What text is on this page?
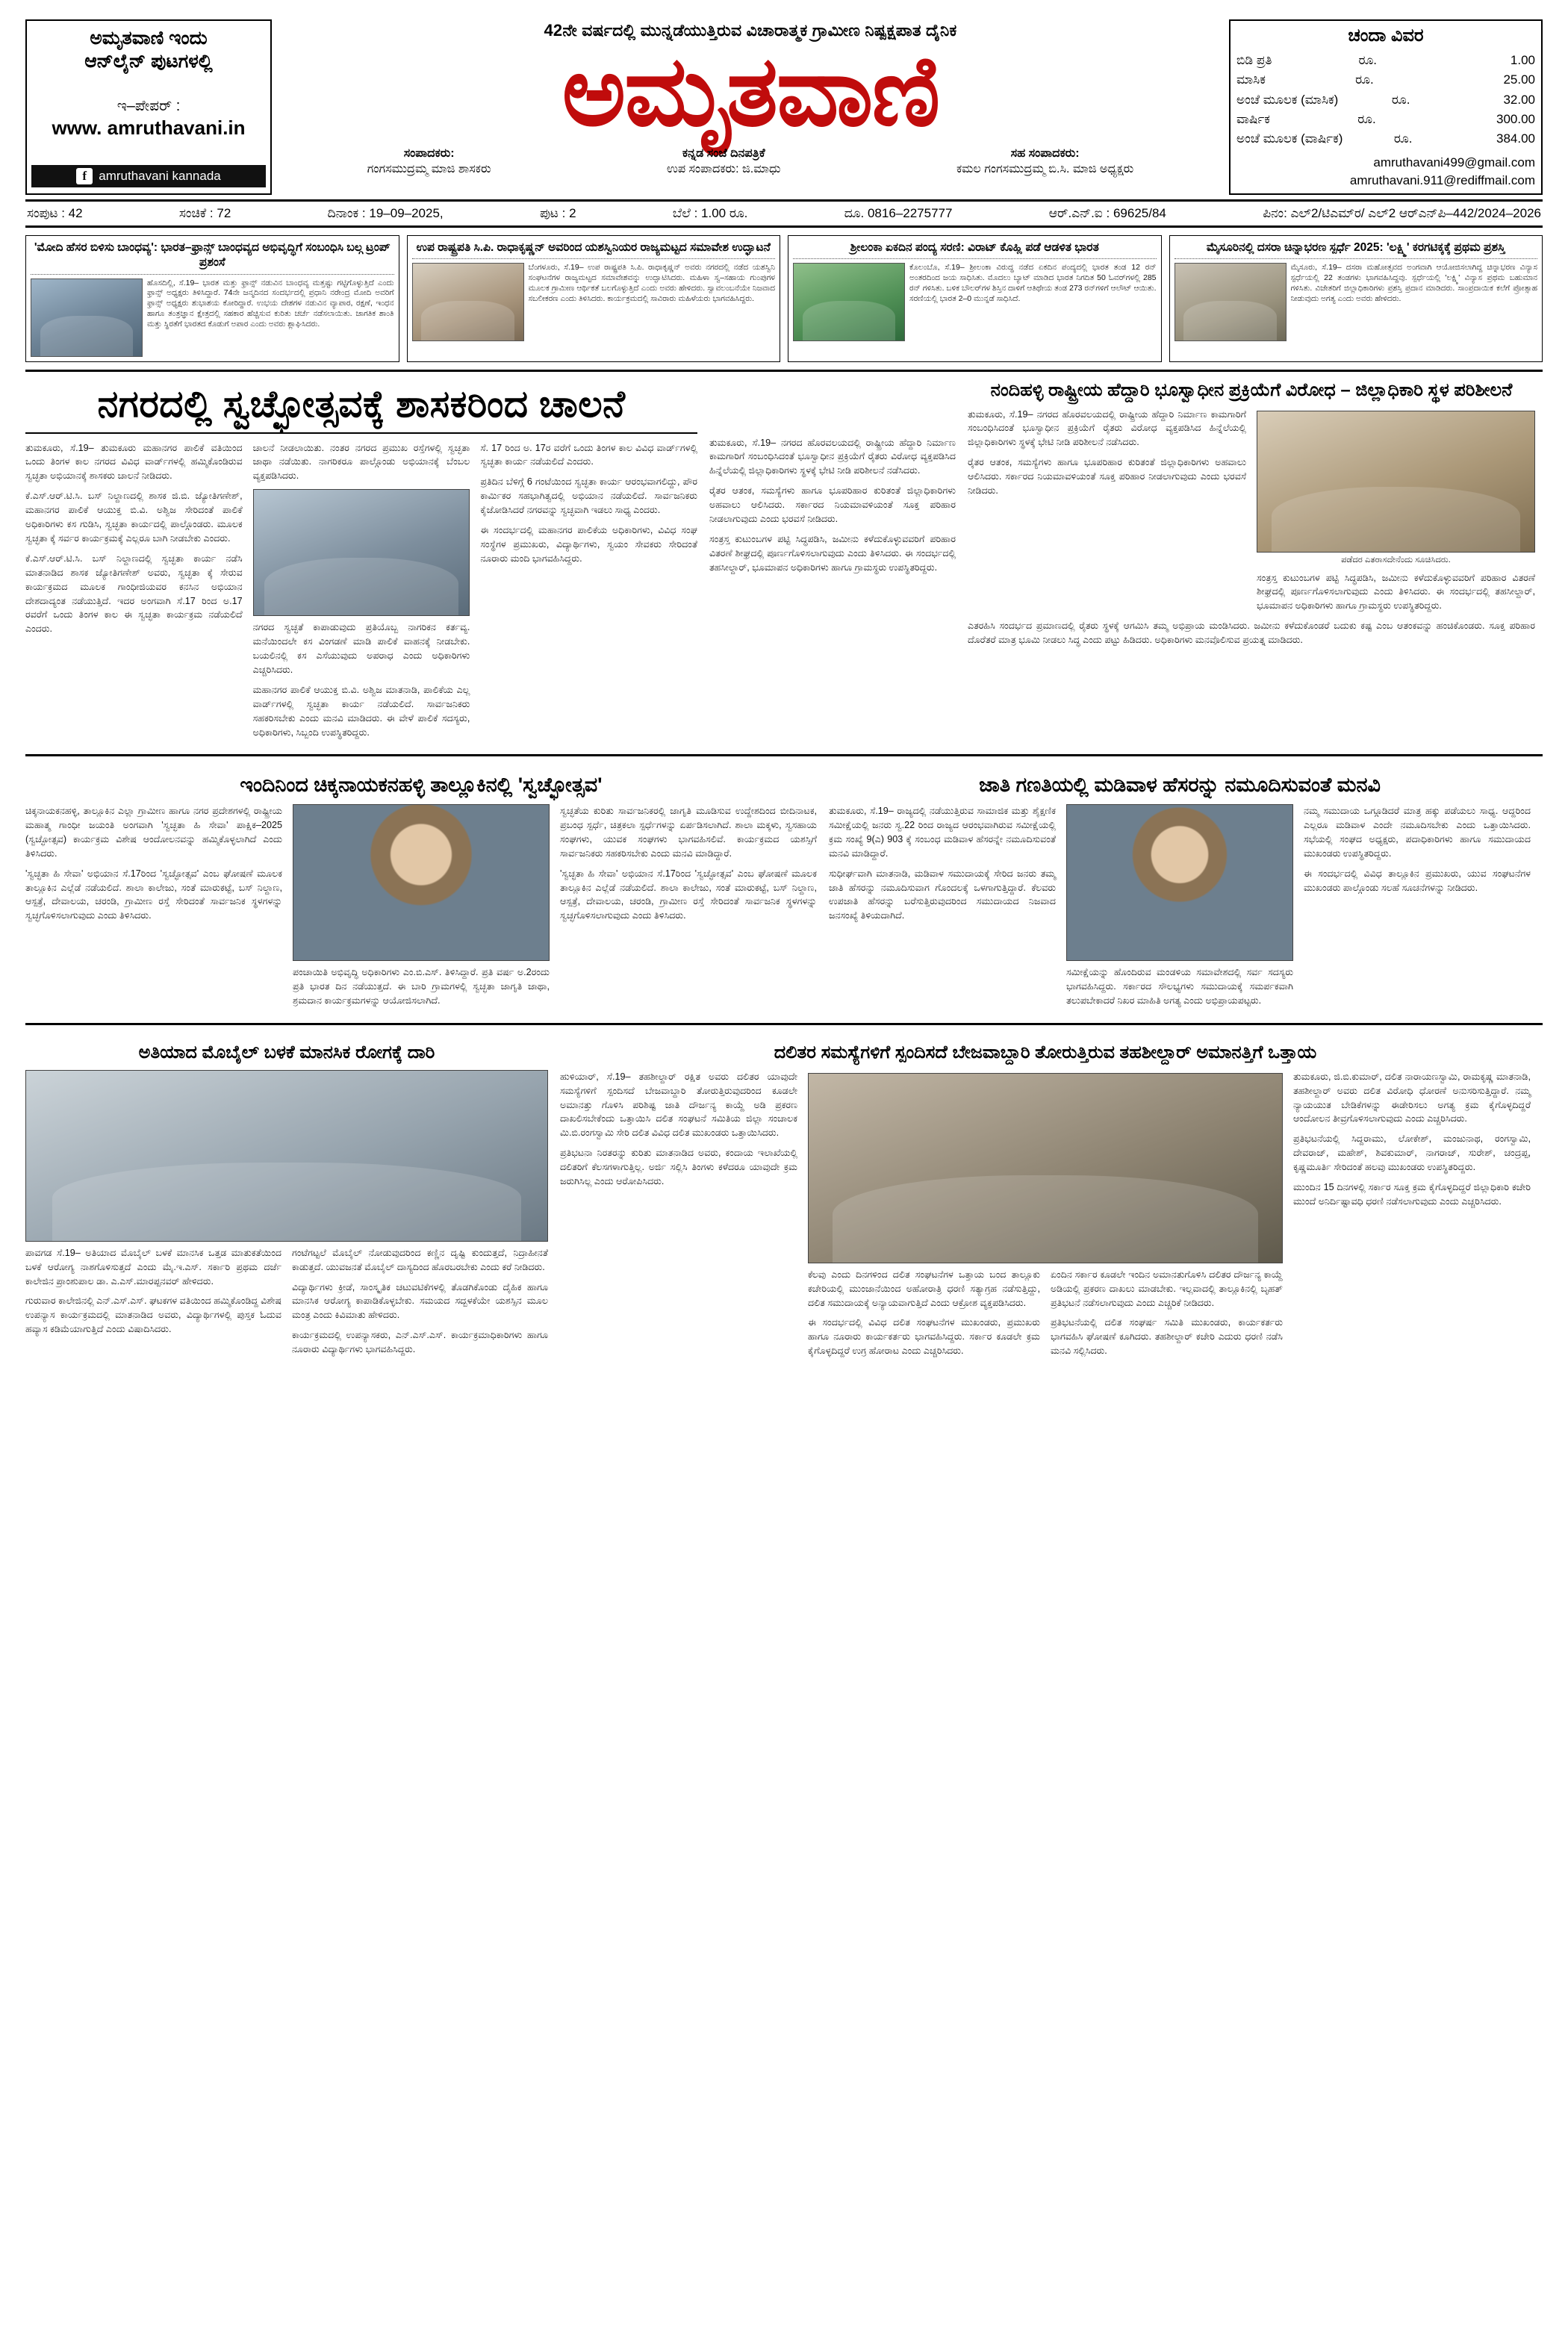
ಅಮೃತವಾಣಿ ಇಂದು
ಆನ್‌ಲೈನ್ ಪುಟಗಳಲ್ಲಿ
ಇ–ಪೇಪರ್ :
www. amruthavani.in
f amruthavani kannada
42ನೇ ವರ್ಷದಲ್ಲಿ ಮುನ್ನಡೆಯುತ್ತಿರುವ ವಿಚಾರಾತ್ಮಕ ಗ್ರಾಮೀಣ ನಿಷ್ಪಕ್ಷಪಾತ ದೈನಿಕ
ಅಮೃತವಾಣಿ
ಸಂಪಾದಕರು:
ಗಂಗಸಮುದ್ರಮ್ಮ ಮಾಜಿ ಶಾಸಕರು
ಕನ್ನಡ ಸಂಜೆ ದಿನಪತ್ರಿಕೆ
ಉಪ ಸಂಪಾದಕರು: ಜಿ.ಮಾಧು
ಸಹ ಸಂಪಾದಕರು:
ಕಮಲ ಗಂಗಸಮುದ್ರಮ್ಮ ಬಿ.ಸಿ. ಮಾಜಿ ಅಧ್ಯಕ್ಷರು
ಚಂದಾ ವಿವರ
ಬಿಡಿ ಪ್ರತಿ	ರೂ.	1.00
ಮಾಸಿಕ	ರೂ.	25.00
ಅಂಚೆ ಮೂಲಕ (ಮಾಸಿಕ)	ರೂ.	32.00
ವಾರ್ಷಿಕ	ರೂ.	300.00
ಅಂಚೆ ಮೂಲಕ (ವಾರ್ಷಿಕ)	ರೂ.	384.00
amruthavani499@gmail.com
amruthavani.911@rediffmail.com
ಸಂಪುಟ : 42	ಸಂಚಿಕೆ : 72	ದಿನಾಂಕ : 19–09–2025,	ಪುಟ : 2	ಬೆಲೆ : 1.00 ರೂ.	ದೂ. 0816–2275777	ಆರ್.ಎನ್.ಐ : 69625/84	ಪಿನಂ: ಎಲ್‌2/ಟಿಎಮ್‌ರ/ ಎಲ್‌2 ಆರ್‌ಎನ್‌ಪಿ–442/2024–2026
'ಮೋದಿ ಹೆಸರ ಬಿಳಿಸು ಬಾಂಧವ್ಯ': ಭಾರತ–ಫ್ರಾನ್ಸ್ ಬಾಂಧವ್ಯದ ಅಭಿವೃದ್ಧಿಗೆ ಸಂಬಂಧಿಸಿ ಬಲ್ಗ ಟ್ರಂಪ್ ಪ್ರಶಂಸೆ
ಹೊಸದಿಲ್ಲಿ, ಸೆ.19– ಭಾರತ ಮತ್ತು ಫ್ರಾನ್ಸ್ ನಡುವಿನ ಬಾಂಧವ್ಯ ಮತ್ತಷ್ಟು ಗಟ್ಟಿಗೊಳ್ಳುತ್ತಿದೆ ಎಂದು ಫ್ರಾನ್ಸ್ ಅಧ್ಯಕ್ಷರು ತಿಳಿಸಿದ್ದಾರೆ. 74ನೇ ಜನ್ಮದಿನದ ಸಂದರ್ಭದಲ್ಲಿ ಪ್ರಧಾನಿ ನರೇಂದ್ರ ಮೋದಿ ಅವರಿಗೆ ಫ್ರಾನ್ಸ್ ಅಧ್ಯಕ್ಷರು ಶುಭಾಶಯ ಕೋರಿದ್ದಾರೆ. ಉಭಯ ದೇಶಗಳ ನಡುವಿನ ವ್ಯಾಪಾರ, ರಕ್ಷಣೆ, ಇಂಧನ ಹಾಗೂ ತಂತ್ರಜ್ಞಾನ ಕ್ಷೇತ್ರದಲ್ಲಿ ಸಹಕಾರ ಹೆಚ್ಚಿಸುವ ಕುರಿತು ಚರ್ಚೆ ನಡೆಸಲಾಯಿತು. ಜಾಗತಿಕ ಶಾಂತಿ ಮತ್ತು ಸ್ಥಿರತೆಗೆ ಭಾರತದ ಕೊಡುಗೆ ಅಪಾರ ಎಂದು ಅವರು ಶ್ಲಾಘಿಸಿದರು.
ಉಪ ರಾಷ್ಟ್ರಪತಿ ಸಿ.ಪಿ. ರಾಧಾಕೃಷ್ಣನ್ ಅವರಿಂದ ಯಶಸ್ವಿನಿಯರ ರಾಜ್ಯಮಟ್ಟದ ಸಮಾವೇಶ ಉದ್ಘಾಟನೆ
ಬೆಂಗಳೂರು, ಸೆ.19– ಉಪ ರಾಷ್ಟ್ರಪತಿ ಸಿ.ಪಿ. ರಾಧಾಕೃಷ್ಣನ್ ಅವರು ನಗರದಲ್ಲಿ ನಡೆದ ಯಶಸ್ವಿನಿ ಸಂಘಟನೆಗಳ ರಾಜ್ಯಮಟ್ಟದ ಸಮಾವೇಶವನ್ನು ಉದ್ಘಾಟಿಸಿದರು. ಮಹಿಳಾ ಸ್ವ–ಸಹಾಯ ಗುಂಪುಗಳ ಮೂಲಕ ಗ್ರಾಮೀಣ ಆರ್ಥಿಕತೆ ಬಲಗೊಳ್ಳುತ್ತಿದೆ ಎಂದು ಅವರು ಹೇಳಿದರು. ಸ್ವಾವಲಂಬನೆಯೇ ನಿಜವಾದ ಸಬಲೀಕರಣ ಎಂದು ತಿಳಿಸಿದರು. ಕಾರ್ಯಕ್ರಮದಲ್ಲಿ ಸಾವಿರಾರು ಮಹಿಳೆಯರು ಭಾಗವಹಿಸಿದ್ದರು.
ಶ್ರೀಲಂಕಾ ಏಕದಿನ ಪಂದ್ಯ ಸರಣಿ: ವಿರಾಟ್ ಕೊಹ್ಲಿ ಪಡೆ ಆಡಳಿತ ಭಾರತ
ಕೊಲಂಬೊ, ಸೆ.19– ಶ್ರೀಲಂಕಾ ವಿರುದ್ಧ ನಡೆದ ಏಕದಿನ ಪಂದ್ಯದಲ್ಲಿ ಭಾರತ ತಂಡ 12 ರನ್ ಅಂತರದಿಂದ ಜಯ ಸಾಧಿಸಿತು. ಮೊದಲು ಬ್ಯಾಟ್ ಮಾಡಿದ ಭಾರತ ನಿಗದಿತ 50 ಓವರ್‌ಗಳಲ್ಲಿ 285 ರನ್ ಗಳಿಸಿತು. ಬಳಿಕ ಬೌಲರ್‌ಗಳ ಶಿಸ್ತಿನ ದಾಳಿಗೆ ಆತಿಥೇಯ ತಂಡ 273 ರನ್‌ಗಳಿಗೆ ಆಲೌಟ್ ಆಯಿತು. ಸರಣಿಯಲ್ಲಿ ಭಾರತ 2–0 ಮುನ್ನಡೆ ಸಾಧಿಸಿದೆ.
ಮೈಸೂರಿನಲ್ಲಿ ದಸರಾ ಚಿನ್ನಾಭರಣ ಸ್ಪರ್ಧೆ 2025: 'ಲಕ್ಷ್ಮಿ' ಕರಗಟಿಕ್ಕಕ್ಕೆ ಪ್ರಥಮ ಪ್ರಶಸ್ತಿ
ಮೈಸೂರು, ಸೆ.19– ದಸರಾ ಮಹೋತ್ಸವದ ಅಂಗವಾಗಿ ಆಯೋಜಿಸಲಾಗಿದ್ದ ಚಿನ್ನಾಭರಣ ವಿನ್ಯಾಸ ಸ್ಪರ್ಧೆಯಲ್ಲಿ 22 ತಂಡಗಳು ಭಾಗವಹಿಸಿದ್ದವು. ಸ್ಪರ್ಧೆಯಲ್ಲಿ 'ಲಕ್ಷ್ಮಿ' ವಿನ್ಯಾಸ ಪ್ರಥಮ ಬಹುಮಾನ ಗಳಿಸಿತು. ವಿಜೇತರಿಗೆ ಜಿಲ್ಲಾಧಿಕಾರಿಗಳು ಪ್ರಶಸ್ತಿ ಪ್ರದಾನ ಮಾಡಿದರು. ಸಾಂಪ್ರದಾಯಿಕ ಕಲೆಗೆ ಪ್ರೋತ್ಸಾಹ ನೀಡುವುದು ಅಗತ್ಯ ಎಂದು ಅವರು ಹೇಳಿದರು.
ನಗರದಲ್ಲಿ ಸ್ವಚ್ಛೋತ್ಸವಕ್ಕೆ ಶಾಸಕರಿಂದ ಚಾಲನೆ

ತುಮಕೂರು, ಸೆ.19– ತುಮಕೂರು ಮಹಾನಗರ ಪಾಲಿಕೆ ವತಿಯಿಂದ ಒಂದು ತಿಂಗಳ ಕಾಲ ನಗರದ ವಿವಿಧ ವಾರ್ಡ್‌ಗಳಲ್ಲಿ ಹಮ್ಮಿಕೊಂಡಿರುವ ಸ್ವಚ್ಛತಾ ಅಭಿಯಾನಕ್ಕೆ ಶಾಸಕರು ಚಾಲನೆ ನೀಡಿದರು.

ಕೆ.ಎಸ್.ಆರ್.ಟಿ.ಸಿ. ಬಸ್ ನಿಲ್ದಾಣದಲ್ಲಿ ಶಾಸಕ ಜಿ.ಬಿ. ಜ್ಯೋತಿಗಣೇಶ್, ಮಹಾನಗರ ಪಾಲಿಕೆ ಆಯುಕ್ತ ಬಿ.ವಿ. ಅಶ್ವಿಜ ಸೇರಿದಂತೆ ಪಾಲಿಕೆ ಅಧಿಕಾರಿಗಳು ಕಸ ಗುಡಿಸಿ, ಸ್ವಚ್ಛತಾ ಕಾರ್ಯದಲ್ಲಿ ಪಾಲ್ಗೊಂಡರು. ಮೂಲಕ ಸ್ವಚ್ಛತಾ ಕ್ಕೆ ಸರ್ವರ ಕಾರ್ಯಕ್ರಮಕ್ಕೆ ಎಲ್ಲರೂ ಬಾಗಿ ನೀಡಬೇಕು ಎಂದರು.

ಕೆ.ಎಸ್.ಆರ್.ಟಿ.ಸಿ. ಬಸ್ ನಿಲ್ದಾಣದಲ್ಲಿ ಸ್ವಚ್ಛತಾ ಕಾರ್ಯ ನಡೆಸಿ ಮಾತನಾಡಿದ ಶಾಸಕ ಜ್ಯೋತಿಗಣೇಶ್ ಅವರು, ಸ್ವಚ್ಛತಾ ಕ್ಕೆ ಸೇರುವ ಕಾರ್ಯಕ್ರಮದ ಮೂಲಕ ಗಾಂಧೀಜಿಯವರ ಕನಸಿನ ಅಭಿಯಾನ ದೇಶದಾದ್ಯಂತ ನಡೆಯುತ್ತಿದೆ. ಇದರ ಅಂಗವಾಗಿ ಸೆ.17 ರಿಂದ ಅ.17 ರವರೆಗೆ ಒಂದು ತಿಂಗಳ ಕಾಲ ಈ ಸ್ವಚ್ಛತಾ ಕಾರ್ಯಕ್ರಮ ನಡೆಯಲಿದೆ ಎಂದರು.

ಚಾಲನೆ ನೀಡಲಾಯಿತು. ನಂತರ ನಗರದ ಪ್ರಮುಖ ರಸ್ತೆಗಳಲ್ಲಿ ಸ್ವಚ್ಛತಾ ಜಾಥಾ ನಡೆಯಿತು. ನಾಗರಿಕರೂ ಪಾಲ್ಗೊಂಡು ಅಭಿಯಾನಕ್ಕೆ ಬೆಂಬಲ ವ್ಯಕ್ತಪಡಿಸಿದರು.

ನಗರದ ಸ್ವಚ್ಛತೆ ಕಾಪಾಡುವುದು ಪ್ರತಿಯೊಬ್ಬ ನಾಗರಿಕನ ಕರ್ತವ್ಯ. ಮನೆಯಿಂದಲೇ ಕಸ ವಿಂಗಡಣೆ ಮಾಡಿ ಪಾಲಿಕೆ ವಾಹನಕ್ಕೆ ನೀಡಬೇಕು. ಬಯಲಿನಲ್ಲಿ ಕಸ ಎಸೆಯುವುದು ಅಪರಾಧ ಎಂದು ಅಧಿಕಾರಿಗಳು ಎಚ್ಚರಿಸಿದರು.

ಮಹಾನಗರ ಪಾಲಿಕೆ ಆಯುಕ್ತ ಬಿ.ವಿ. ಅಶ್ವಿಜ ಮಾತನಾಡಿ, ಪಾಲಿಕೆಯ ಎಲ್ಲ ವಾರ್ಡ್‌ಗಳಲ್ಲಿ ಸ್ವಚ್ಛತಾ ಕಾರ್ಯ ನಡೆಯಲಿದೆ. ಸಾರ್ವಜನಿಕರು ಸಹಕರಿಸಬೇಕು ಎಂದು ಮನವಿ ಮಾಡಿದರು. ಈ ವೇಳೆ ಪಾಲಿಕೆ ಸದಸ್ಯರು, ಅಧಿಕಾರಿಗಳು, ಸಿಬ್ಬಂದಿ ಉಪಸ್ಥಿತರಿದ್ದರು.

ಸೆ. 17 ರಿಂದ ಅ. 17ರ ವರೆಗೆ ಒಂದು ತಿಂಗಳ ಕಾಲ ವಿವಿಧ ವಾರ್ಡ್‌ಗಳಲ್ಲಿ ಸ್ವಚ್ಛತಾ ಕಾರ್ಯ ನಡೆಯಲಿದೆ ಎಂದರು.

ಪ್ರತಿದಿನ ಬೆಳಿಗ್ಗೆ 6 ಗಂಟೆಯಿಂದ ಸ್ವಚ್ಛತಾ ಕಾರ್ಯ ಆರಂಭವಾಗಲಿದ್ದು, ಪೌರ ಕಾರ್ಮಿಕರ ಸಹಭಾಗಿತ್ವದಲ್ಲಿ ಅಭಿಯಾನ ನಡೆಯಲಿದೆ. ಸಾರ್ವಜನಿಕರು ಕೈಜೋಡಿಸಿದರೆ ನಗರವನ್ನು ಸ್ವಚ್ಛವಾಗಿ ಇಡಲು ಸಾಧ್ಯ ಎಂದರು.

ಈ ಸಂದರ್ಭದಲ್ಲಿ ಮಹಾನಗರ ಪಾಲಿಕೆಯ ಅಧಿಕಾರಿಗಳು, ವಿವಿಧ ಸಂಘ ಸಂಸ್ಥೆಗಳ ಪ್ರಮುಖರು, ವಿದ್ಯಾರ್ಥಿಗಳು, ಸ್ವಯಂ ಸೇವಕರು ಸೇರಿದಂತೆ ನೂರಾರು ಮಂದಿ ಭಾಗವಹಿಸಿದ್ದರು.

ತುಮಕೂರು, ಸೆ.19– ನಗರದ ಹೊರವಲಯದಲ್ಲಿ ರಾಷ್ಟ್ರೀಯ ಹೆದ್ದಾರಿ ನಿರ್ಮಾಣ ಕಾಮಗಾರಿಗೆ ಸಂಬಂಧಿಸಿದಂತೆ ಭೂಸ್ವಾಧೀನ ಪ್ರಕ್ರಿಯೆಗೆ ರೈತರು ವಿರೋಧ ವ್ಯಕ್ತಪಡಿಸಿದ ಹಿನ್ನೆಲೆಯಲ್ಲಿ ಜಿಲ್ಲಾಧಿಕಾರಿಗಳು ಸ್ಥಳಕ್ಕೆ ಭೇಟಿ ನೀಡಿ ಪರಿಶೀಲನೆ ನಡೆಸಿದರು.

ರೈತರ ಆತಂಕ, ಸಮಸ್ಯೆಗಳು ಹಾಗೂ ಭೂಪರಿಹಾರ ಕುರಿತಂತೆ ಜಿಲ್ಲಾಧಿಕಾರಿಗಳು ಅಹವಾಲು ಆಲಿಸಿದರು. ಸರ್ಕಾರದ ನಿಯಮಾವಳಿಯಂತೆ ಸೂಕ್ತ ಪರಿಹಾರ ನೀಡಲಾಗುವುದು ಎಂದು ಭರವಸೆ ನೀಡಿದರು.

ಸಂತ್ರಸ್ತ ಕುಟುಂಬಗಳ ಪಟ್ಟಿ ಸಿದ್ಧಪಡಿಸಿ, ಜಮೀನು ಕಳೆದುಕೊಳ್ಳುವವರಿಗೆ ಪರಿಹಾರ ವಿತರಣೆ ಶೀಘ್ರದಲ್ಲಿ ಪೂರ್ಣಗೊಳಿಸಲಾಗುವುದು ಎಂದು ತಿಳಿಸಿದರು. ಈ ಸಂದರ್ಭದಲ್ಲಿ ತಹಸೀಲ್ದಾರ್, ಭೂಮಾಪನ ಅಧಿಕಾರಿಗಳು ಹಾಗೂ ಗ್ರಾಮಸ್ಥರು ಉಪಸ್ಥಿತರಿದ್ದರು.

ನಂದಿಹಳ್ಳಿ ರಾಷ್ಟ್ರೀಯ ಹೆದ್ದಾರಿ ಭೂಸ್ವಾಧೀನ ಪ್ರಕ್ರಿಯೆಗೆ ವಿರೋಧ – ಜಿಲ್ಲಾಧಿಕಾರಿ ಸ್ಥಳ ಪರಿಶೀಲನೆ

ತುಮಕೂರು, ಸೆ.19– ನಗರದ ಹೊರವಲಯದಲ್ಲಿ ರಾಷ್ಟ್ರೀಯ ಹೆದ್ದಾರಿ ನಿರ್ಮಾಣ ಕಾಮಗಾರಿಗೆ ಸಂಬಂಧಿಸಿದಂತೆ ಭೂಸ್ವಾಧೀನ ಪ್ರಕ್ರಿಯೆಗೆ ರೈತರು ವಿರೋಧ ವ್ಯಕ್ತಪಡಿಸಿದ ಹಿನ್ನೆಲೆಯಲ್ಲಿ ಜಿಲ್ಲಾಧಿಕಾರಿಗಳು ಸ್ಥಳಕ್ಕೆ ಭೇಟಿ ನೀಡಿ ಪರಿಶೀಲನೆ ನಡೆಸಿದರು.

ರೈತರ ಆತಂಕ, ಸಮಸ್ಯೆಗಳು ಹಾಗೂ ಭೂಪರಿಹಾರ ಕುರಿತಂತೆ ಜಿಲ್ಲಾಧಿಕಾರಿಗಳು ಅಹವಾಲು ಆಲಿಸಿದರು. ಸರ್ಕಾರದ ನಿಯಮಾವಳಿಯಂತೆ ಸೂಕ್ತ ಪರಿಹಾರ ನೀಡಲಾಗುವುದು ಎಂದು ಭರವಸೆ ನೀಡಿದರು.

ಪಡೆದರ ಎತರಾಸದೇನೆಂದು ಸೂಚಿಸಿದರು.

ಸಂತ್ರಸ್ತ ಕುಟುಂಬಗಳ ಪಟ್ಟಿ ಸಿದ್ಧಪಡಿಸಿ, ಜಮೀನು ಕಳೆದುಕೊಳ್ಳುವವರಿಗೆ ಪರಿಹಾರ ವಿತರಣೆ ಶೀಘ್ರದಲ್ಲಿ ಪೂರ್ಣಗೊಳಿಸಲಾಗುವುದು ಎಂದು ತಿಳಿಸಿದರು. ಈ ಸಂದರ್ಭದಲ್ಲಿ ತಹಸೀಲ್ದಾರ್, ಭೂಮಾಪನ ಅಧಿಕಾರಿಗಳು ಹಾಗೂ ಗ್ರಾಮಸ್ಥರು ಉಪಸ್ಥಿತರಿದ್ದರು.

ಎತರಹಿಸಿ ಸಂದರ್ಭದ ಪ್ರಮಾಣದಲ್ಲಿ ರೈತರು ಸ್ಥಳಕ್ಕೆ ಆಗಮಿಸಿ ತಮ್ಮ ಅಭಿಪ್ರಾಯ ಮಂಡಿಸಿದರು. ಜಮೀನು ಕಳೆದುಕೊಂಡರೆ ಬದುಕು ಕಷ್ಟ ಎಂಬ ಆತಂಕವನ್ನು ಹಂಚಿಕೊಂಡರು. ಸೂಕ್ತ ಪರಿಹಾರ ದೊರೆತರೆ ಮಾತ್ರ ಭೂಮಿ ನೀಡಲು ಸಿದ್ಧ ಎಂದು ಪಟ್ಟು ಹಿಡಿದರು. ಅಧಿಕಾರಿಗಳು ಮನವೊಲಿಸುವ ಪ್ರಯತ್ನ ಮಾಡಿದರು.

ಇಂದಿನಿಂದ ಚಿಕ್ಕನಾಯಕನಹಳ್ಳಿ ತಾಲ್ಲೂಕಿನಲ್ಲಿ 'ಸ್ವಚ್ಛೋತ್ಸವ'

ಚಿಕ್ಕನಾಯಕನಹಳ್ಳಿ, ತಾಲ್ಲೂಕಿನ ಎಲ್ಲಾ ಗ್ರಾಮೀಣ ಹಾಗೂ ನಗರ ಪ್ರದೇಶಗಳಲ್ಲಿ ರಾಷ್ಟ್ರೀಯ ಮಹಾತ್ಮ ಗಾಂಧೀ ಜಯಂತಿ ಅಂಗವಾಗಿ 'ಸ್ವಚ್ಛತಾ ಹಿ ಸೇವಾ' ಪಾಕ್ಷಿಕ–2025 (ಸ್ವಚ್ಛೋತ್ಸವ) ಕಾರ್ಯಕ್ರಮ ವಿಶೇಷ ಆಂದೋಲನವನ್ನು ಹಮ್ಮಿಕೊಳ್ಳಲಾಗಿದೆ ಎಂದು ತಿಳಿಸಿದರು.

'ಸ್ವಚ್ಛತಾ ಹಿ ಸೇವಾ' ಅಭಿಯಾನ ಸೆ.17ರಿಂದ 'ಸ್ವಚ್ಛೋತ್ಸವ' ಎಂಬ ಘೋಷಣೆ ಮೂಲಕ ತಾಲ್ಲೂಕಿನ ಎಲ್ಲೆಡೆ ನಡೆಯಲಿದೆ. ಶಾಲಾ ಕಾಲೇಜು, ಸಂತೆ ಮಾರುಕಟ್ಟೆ, ಬಸ್ ನಿಲ್ದಾಣ, ಆಸ್ಪತ್ರೆ, ದೇವಾಲಯ, ಚರಂಡಿ, ಗ್ರಾಮೀಣ ರಸ್ತೆ ಸೇರಿದಂತೆ ಸಾರ್ವಜನಿಕ ಸ್ಥಳಗಳನ್ನು ಸ್ವಚ್ಛಗೊಳಿಸಲಾಗುವುದು ಎಂದು ತಿಳಿಸಿದರು.

ಪಂಚಾಯಿತಿ ಅಭಿವೃದ್ಧಿ ಅಧಿಕಾರಿಗಳು ಎಂ.ಬಿ.ಎಸ್. ತಿಳಿಸಿದ್ದಾರೆ. ಪ್ರತಿ ವರ್ಷ ಅ.2ರಂದು ಪ್ರತಿ ಭಾರತ ದಿನ ನಡೆಯುತ್ತದೆ. ಈ ಬಾರಿ ಗ್ರಾಮಗಳಲ್ಲಿ ಸ್ವಚ್ಛತಾ ಜಾಗೃತಿ ಜಾಥಾ, ಶ್ರಮದಾನ ಕಾರ್ಯಕ್ರಮಗಳನ್ನು ಆಯೋಜಿಸಲಾಗಿದೆ.

ಸ್ವಚ್ಛತೆಯ ಕುರಿತು ಸಾರ್ವಜನಿಕರಲ್ಲಿ ಜಾಗೃತಿ ಮೂಡಿಸುವ ಉದ್ದೇಶದಿಂದ ಬೀದಿನಾಟಕ, ಪ್ರಬಂಧ ಸ್ಪರ್ಧೆ, ಚಿತ್ರಕಲಾ ಸ್ಪರ್ಧೆಗಳನ್ನು ಏರ್ಪಡಿಸಲಾಗಿದೆ. ಶಾಲಾ ಮಕ್ಕಳು, ಸ್ವಸಹಾಯ ಸಂಘಗಳು, ಯುವಕ ಸಂಘಗಳು ಭಾಗವಹಿಸಲಿವೆ. ಕಾರ್ಯಕ್ರಮದ ಯಶಸ್ಸಿಗೆ ಸಾರ್ವಜನಿಕರು ಸಹಕರಿಸಬೇಕು ಎಂದು ಮನವಿ ಮಾಡಿದ್ದಾರೆ.

'ಸ್ವಚ್ಛತಾ ಹಿ ಸೇವಾ' ಅಭಿಯಾನ ಸೆ.17ರಿಂದ 'ಸ್ವಚ್ಛೋತ್ಸವ' ಎಂಬ ಘೋಷಣೆ ಮೂಲಕ ತಾಲ್ಲೂಕಿನ ಎಲ್ಲೆಡೆ ನಡೆಯಲಿದೆ. ಶಾಲಾ ಕಾಲೇಜು, ಸಂತೆ ಮಾರುಕಟ್ಟೆ, ಬಸ್ ನಿಲ್ದಾಣ, ಆಸ್ಪತ್ರೆ, ದೇವಾಲಯ, ಚರಂಡಿ, ಗ್ರಾಮೀಣ ರಸ್ತೆ ಸೇರಿದಂತೆ ಸಾರ್ವಜನಿಕ ಸ್ಥಳಗಳನ್ನು ಸ್ವಚ್ಛಗೊಳಿಸಲಾಗುವುದು ಎಂದು ತಿಳಿಸಿದರು.

ಜಾತಿ ಗಣತಿಯಲ್ಲಿ ಮಡಿವಾಳ ಹೆಸರನ್ನು ನಮೂದಿಸುವಂತೆ ಮನವಿ

ತುಮಕೂರು, ಸೆ.19– ರಾಜ್ಯದಲ್ಲಿ ನಡೆಯುತ್ತಿರುವ ಸಾಮಾಜಿಕ ಮತ್ತು ಶೈಕ್ಷಣಿಕ ಸಮೀಕ್ಷೆಯಲ್ಲಿ ಜನರು ಸ್ವ.22 ರಿಂದ ರಾಜ್ಯದ ಆರಂಭವಾಗಿರುವ ಸಮೀಕ್ಷೆಯಲ್ಲಿ ಕ್ರಮ ಸಂಖ್ಯೆ 9(ಎ) 903 ಕ್ಕೆ ಸಂಬಂಧ ಮಡಿವಾಳ ಹೆಸರನ್ನೇ ನಮೂದಿಸುವಂತೆ ಮನವಿ ಮಾಡಿದ್ದಾರೆ.

ಸುಧೀರ್ಘವಾಗಿ ಮಾತನಾಡಿ, ಮಡಿವಾಳ ಸಮುದಾಯಕ್ಕೆ ಸೇರಿದ ಜನರು ತಮ್ಮ ಜಾತಿ ಹೆಸರನ್ನು ನಮೂದಿಸುವಾಗ ಗೊಂದಲಕ್ಕೆ ಒಳಗಾಗುತ್ತಿದ್ದಾರೆ. ಕೆಲವರು ಉಪಜಾತಿ ಹೆಸರನ್ನು ಬರೆಸುತ್ತಿರುವುದರಿಂದ ಸಮುದಾಯದ ನಿಜವಾದ ಜನಸಂಖ್ಯೆ ತಿಳಿಯದಾಗಿದೆ.

ಸಮೀಕ್ಷೆಯನ್ನು ಹೊಂದಿರುವ ಮಂಡಳಿಯ ಸಮಾವೇಶದಲ್ಲಿ ಸರ್ವ ಸದಸ್ಯರು ಭಾಗವಹಿಸಿದ್ದರು. ಸರ್ಕಾರದ ಸೌಲಭ್ಯಗಳು ಸಮುದಾಯಕ್ಕೆ ಸಮರ್ಪಕವಾಗಿ ತಲುಪಬೇಕಾದರೆ ನಿಖರ ಮಾಹಿತಿ ಅಗತ್ಯ ಎಂದು ಅಭಿಪ್ರಾಯಪಟ್ಟರು.

ನಮ್ಮ ಸಮುದಾಯ ಒಗ್ಗೂಡಿದರೆ ಮಾತ್ರ ಹಕ್ಕು ಪಡೆಯಲು ಸಾಧ್ಯ. ಆದ್ದರಿಂದ ಎಲ್ಲರೂ ಮಡಿವಾಳ ಎಂದೇ ನಮೂದಿಸಬೇಕು ಎಂದು ಒತ್ತಾಯಿಸಿದರು. ಸಭೆಯಲ್ಲಿ ಸಂಘದ ಅಧ್ಯಕ್ಷರು, ಪದಾಧಿಕಾರಿಗಳು ಹಾಗೂ ಸಮುದಾಯದ ಮುಖಂಡರು ಉಪಸ್ಥಿತರಿದ್ದರು.

ಈ ಸಂದರ್ಭದಲ್ಲಿ ವಿವಿಧ ತಾಲ್ಲೂಕಿನ ಪ್ರಮುಖರು, ಯುವ ಸಂಘಟನೆಗಳ ಮುಖಂಡರು ಪಾಲ್ಗೊಂಡು ಸಲಹೆ ಸೂಚನೆಗಳನ್ನು ನೀಡಿದರು.

ಅತಿಯಾದ ಮೊಬೈಲ್ ಬಳಕೆ ಮಾನಸಿಕ ರೋಗಕ್ಕೆ ದಾರಿ

ಪಾವಗಡ ಸೆ.19– ಅತಿಯಾದ ಮೊಬೈಲ್ ಬಳಕೆ ಮಾನಸಿಕ ಒತ್ತಡ ಮಾತುಕತೆಯಿಂದ ಬಳಕೆ ಆರೋಗ್ಯ ನಾಶಗೊಳಿಸುತ್ತದೆ ಎಂದು ಮೈ.ಇ.ಎಸ್. ಸರ್ಕಾರಿ ಪ್ರಥಮ ದರ್ಜೆ ಕಾಲೇಜಿನ ಪ್ರಾಂಶುಪಾಲ ಡಾ. ಎ.ಎಸ್.ಮಾರಪ್ಪನವರ್ ಹೇಳಿದರು.

ಗುರುವಾರ ಕಾಲೇಜಿನಲ್ಲಿ ಎನ್.ಎಸ್.ಎಸ್. ಘಟಕಗಳ ವತಿಯಿಂದ ಹಮ್ಮಿಕೊಂಡಿದ್ದ ವಿಶೇಷ ಉಪನ್ಯಾಸ ಕಾರ್ಯಕ್ರಮದಲ್ಲಿ ಮಾತನಾಡಿದ ಅವರು, ವಿದ್ಯಾರ್ಥಿಗಳಲ್ಲಿ ಪುಸ್ತಕ ಓದುವ ಹವ್ಯಾಸ ಕಡಿಮೆಯಾಗುತ್ತಿದೆ ಎಂದು ವಿಷಾದಿಸಿದರು.

ಗಂಟೆಗಟ್ಟಲೆ ಮೊಬೈಲ್ ನೋಡುವುದರಿಂದ ಕಣ್ಣಿನ ದೃಷ್ಟಿ ಕುಂದುತ್ತದೆ, ನಿದ್ರಾಹೀನತೆ ಕಾಡುತ್ತದೆ. ಯುವಜನತೆ ಮೊಬೈಲ್ ದಾಸ್ಯದಿಂದ ಹೊರಬರಬೇಕು ಎಂದು ಕರೆ ನೀಡಿದರು.

ವಿದ್ಯಾರ್ಥಿಗಳು ಕ್ರೀಡೆ, ಸಾಂಸ್ಕೃತಿಕ ಚಟುವಟಿಕೆಗಳಲ್ಲಿ ತೊಡಗಿಕೊಂಡು ದೈಹಿಕ ಹಾಗೂ ಮಾನಸಿಕ ಆರೋಗ್ಯ ಕಾಪಾಡಿಕೊಳ್ಳಬೇಕು. ಸಮಯದ ಸದ್ಬಳಕೆಯೇ ಯಶಸ್ಸಿನ ಮೂಲ ಮಂತ್ರ ಎಂದು ಕಿವಿಮಾತು ಹೇಳಿದರು.

ಕಾರ್ಯಕ್ರಮದಲ್ಲಿ ಉಪನ್ಯಾಸಕರು, ಎನ್.ಎಸ್.ಎಸ್. ಕಾರ್ಯಕ್ರಮಾಧಿಕಾರಿಗಳು ಹಾಗೂ ನೂರಾರು ವಿದ್ಯಾರ್ಥಿಗಳು ಭಾಗವಹಿಸಿದ್ದರು.

ದಲಿತರ ಸಮಸ್ಯೆಗಳಿಗೆ ಸ್ಪಂದಿಸದೆ ಬೇಜವಾಬ್ದಾರಿ ತೋರುತ್ತಿರುವ ತಹಶೀಲ್ದಾರ್ ಅಮಾನತ್ತಿಗೆ ಒತ್ತಾಯ

ಹುಳಿಯಾರ್, ಸೆ.19– ತಹಶೀಲ್ದಾರ್ ರಕ್ಷಿತ ಅವರು ದಲಿತರ ಯಾವುದೇ ಸಮಸ್ಯೆಗಳಿಗೆ ಸ್ಪಂದಿಸದೆ ಬೇಜವಾಬ್ದಾರಿ ತೋರುತ್ತಿರುವುದರಿಂದ ಕೂಡಲೇ ಅಮಾನತ್ತು ಗೊಳಿಸಿ ಪರಿಶಿಷ್ಟ ಜಾತಿ ದೌರ್ಜನ್ಯ ಕಾಯ್ದೆ ಅಡಿ ಪ್ರಕರಣ ದಾಖಲಿಸಬೇಕೆಂದು ಒತ್ತಾಯಿಸಿ ದಲಿತ ಸಂಘಟನೆ ಸಮಿತಿಯ ಜಿಲ್ಲಾ ಸಂಚಾಲಕ ಮಿ.ಬಿ.ರಂಗಸ್ವಾಮಿ ಸೇರಿ ದಲಿತ ವಿವಿಧ ದಲಿತ ಮುಖಂಡರು ಒತ್ತಾಯಿಸಿದರು.

ಪ್ರತಿಭಟನಾ ನಿರತರನ್ನು ಕುರಿತು ಮಾತನಾಡಿದ ಅವರು, ಕಂದಾಯ ಇಲಾಖೆಯಲ್ಲಿ ದಲಿತರಿಗೆ ಕೆಲಸಗಳಾಗುತ್ತಿಲ್ಲ. ಅರ್ಜಿ ಸಲ್ಲಿಸಿ ತಿಂಗಳು ಕಳೆದರೂ ಯಾವುದೇ ಕ್ರಮ ಜರುಗಿಸಿಲ್ಲ ಎಂದು ಆರೋಪಿಸಿದರು.

ಕೆಲವು ಎಂದು ದಿನಗಳಿಂದ ದಲಿತ ಸಂಘಟನೆಗಳ ಒತ್ತಾಯ ಬಂದ ತಾಲ್ಲೂಕು ಕಚೇರಿಯಲ್ಲಿ ಮುಂಜಾನೆಯಿಂದ ಅಹೋರಾತ್ರಿ ಧರಣಿ ಸತ್ಯಾಗ್ರಹ ನಡೆಸುತ್ತಿದ್ದು, ದಲಿತ ಸಮುದಾಯಕ್ಕೆ ಅನ್ಯಾಯವಾಗುತ್ತಿದೆ ಎಂದು ಆಕ್ರೋಶ ವ್ಯಕ್ತಪಡಿಸಿದರು.

ಈ ಸಂದರ್ಭದಲ್ಲಿ ವಿವಿಧ ದಲಿತ ಸಂಘಟನೆಗಳ ಮುಖಂಡರು, ಪ್ರಮುಖರು ಹಾಗೂ ನೂರಾರು ಕಾರ್ಯಕರ್ತರು ಭಾಗವಹಿಸಿದ್ದರು. ಸರ್ಕಾರ ಕೂಡಲೇ ಕ್ರಮ ಕೈಗೊಳ್ಳದಿದ್ದರೆ ಉಗ್ರ ಹೋರಾಟ ಎಂದು ಎಚ್ಚರಿಸಿದರು.

ಏಂದಿನ ಸರ್ಕಾರ ಕೂಡಲೇ ಇಂದಿನ ಅಮಾನತುಗೊಳಿಸಿ ದಲಿತರ ದೌರ್ಜನ್ಯ ಕಾಯ್ದೆ ಅಡಿಯಲ್ಲಿ ಪ್ರಕರಣ ದಾಖಲು ಮಾಡಬೇಕು. ಇಲ್ಲವಾದಲ್ಲಿ ತಾಲ್ಲೂಕಿನಲ್ಲಿ ಬೃಹತ್ ಪ್ರತಿಭಟನೆ ನಡೆಸಲಾಗುವುದು ಎಂದು ಎಚ್ಚರಿಕೆ ನೀಡಿದರು.

ಪ್ರತಿಭಟನೆಯಲ್ಲಿ ದಲಿತ ಸಂಘರ್ಷ ಸಮಿತಿ ಮುಖಂಡರು, ಕಾರ್ಯಕರ್ತರು ಭಾಗವಹಿಸಿ ಘೋಷಣೆ ಕೂಗಿದರು. ತಹಶೀಲ್ದಾರ್ ಕಚೇರಿ ಎದುರು ಧರಣಿ ನಡೆಸಿ ಮನವಿ ಸಲ್ಲಿಸಿದರು.

ತುಮಕೂರು, ಜಿ.ಬಿ.ಕುಮಾರ್, ದಲಿತ ನಾರಾಯಣಸ್ವಾಮಿ, ರಾಮಕೃಷ್ಣ ಮಾತನಾಡಿ, ತಹಶೀಲ್ದಾರ್ ಅವರು ದಲಿತ ವಿರೋಧಿ ಧೋರಣೆ ಅನುಸರಿಸುತ್ತಿದ್ದಾರೆ. ನಮ್ಮ ನ್ಯಾಯಯುತ ಬೇಡಿಕೆಗಳನ್ನು ಈಡೇರಿಸಲು ಅಗತ್ಯ ಕ್ರಮ ಕೈಗೊಳ್ಳದಿದ್ದರೆ ಆಂದೋಲನ ತೀವ್ರಗೊಳಿಸಲಾಗುವುದು ಎಂದು ಎಚ್ಚರಿಸಿದರು.

ಪ್ರತಿಭಟನೆಯಲ್ಲಿ ಸಿದ್ದರಾಮು, ಲೋಕೇಶ್, ಮಂಜುನಾಥ, ರಂಗಸ್ವಾಮಿ, ದೇವರಾಜ್, ಮಹೇಶ್, ಶಿವಕುಮಾರ್, ನಾಗರಾಜ್, ಸುರೇಶ್, ಚಂದ್ರಪ್ಪ, ಕೃಷ್ಣಮೂರ್ತಿ ಸೇರಿದಂತೆ ಹಲವು ಮುಖಂಡರು ಉಪಸ್ಥಿತರಿದ್ದರು.

ಮುಂದಿನ 15 ದಿನಗಳಲ್ಲಿ ಸರ್ಕಾರ ಸೂಕ್ತ ಕ್ರಮ ಕೈಗೊಳ್ಳದಿದ್ದರೆ ಜಿಲ್ಲಾಧಿಕಾರಿ ಕಚೇರಿ ಮುಂದೆ ಅನಿರ್ದಿಷ್ಟಾವಧಿ ಧರಣಿ ನಡೆಸಲಾಗುವುದು ಎಂದು ಎಚ್ಚರಿಸಿದರು.
